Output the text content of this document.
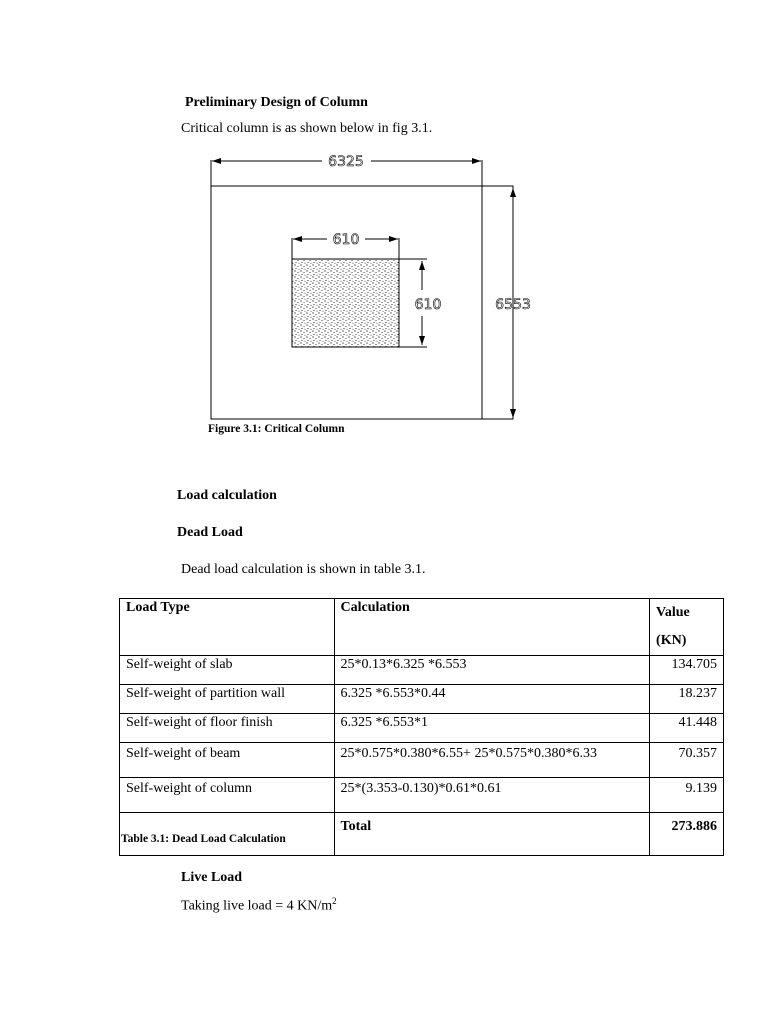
Preliminary Design of Column
Critical column is as shown below in fig 3.1.
6325
6553
610
610
Figure 3.1: Critical Column
Load calculation
Dead Load
Dead load calculation is shown in table 3.1.
Load Type	Calculation	Value
(KN)

Self-weight of slab	25*0.13*6.325 *6.553	134.705
Self-weight of partition wall	6.325 *6.553*0.44	18.237
Self-weight of floor finish	6.325 *6.553*1	41.448
Self-weight of beam	25*0.575*0.380*6.55+ 25*0.575*0.380*6.33	70.357
Self-weight of column	25*(3.353-0.130)*0.61*0.61	9.139
	Total	273.886
Table 3.1: Dead Load Calculation
Live Load
Taking live load = 4 $KN/m^2$
